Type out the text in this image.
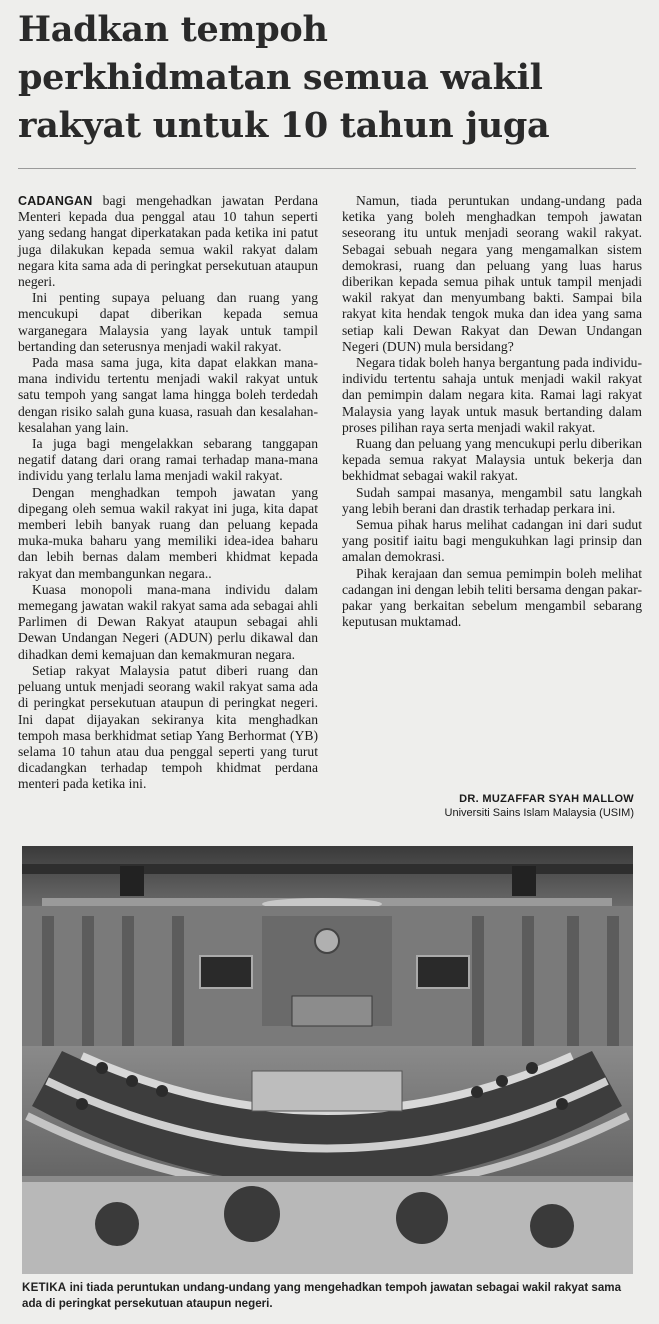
Hadkan tempoh
perkhidmatan semua wakil
rakyat untuk 10 tahun juga

CADANGAN bagi mengehadkan jawatan Perdana Menteri kepada dua penggal atau 10 tahun seperti yang sedang hangat diperkatakan pada ketika ini patut juga dilakukan kepada semua wakil rakyat dalam negara kita sama ada di peringkat persekutuan ataupun negeri.

Ini penting supaya peluang dan ruang yang mencukupi dapat diberikan kepada semua warganegara Malaysia yang layak untuk tampil bertanding dan seterusnya menjadi wakil rakyat.

Pada masa sama juga, kita dapat elakkan mana-mana individu tertentu menjadi wakil rakyat untuk satu tempoh yang sangat lama hingga boleh terdedah dengan risiko salah guna kuasa, rasuah dan kesalahan-kesalahan yang lain.

Ia juga bagi mengelakkan sebarang tanggapan negatif datang dari orang ramai terhadap mana-mana individu yang terlalu lama menjadi wakil rakyat.

Dengan menghadkan tempoh jawatan yang dipegang oleh semua wakil rakyat ini juga, kita dapat memberi lebih banyak ruang dan peluang kepada muka-muka baharu yang memiliki idea-idea baharu dan lebih bernas dalam memberi khidmat kepada rakyat dan membangunkan negara..

Kuasa monopoli mana-mana individu dalam memegang jawatan wakil rakyat sama ada sebagai ahli Parlimen di Dewan Rakyat ataupun sebagai ahli Dewan Undangan Negeri (ADUN) perlu dikawal dan dihadkan demi kemajuan dan kemakmuran negara.

Setiap rakyat Malaysia patut diberi ruang dan peluang untuk menjadi seorang wakil rakyat sama ada di peringkat persekutuan ataupun di peringkat negeri. Ini dapat dijayakan sekiranya kita menghadkan tempoh masa berkhidmat setiap Yang Berhormat (YB) selama 10 tahun atau dua penggal seperti yang turut dicadangkan terhadap tempoh khidmat perdana menteri pada ketika ini.

Namun, tiada peruntukan undang-undang pada ketika yang boleh menghadkan tempoh jawatan seseorang itu untuk menjadi seorang wakil rakyat. Sebagai sebuah negara yang mengamalkan sistem demokrasi, ruang dan peluang yang luas harus diberikan kepada semua pihak untuk tampil menjadi wakil rakyat dan menyumbang bakti. Sampai bila rakyat kita hendak tengok muka dan idea yang sama setiap kali Dewan Rakyat dan Dewan Undangan Negeri (DUN) mula bersidang?

Negara tidak boleh hanya bergantung pada individu-individu tertentu sahaja untuk menjadi wakil rakyat dan pemimpin dalam negara kita. Ramai lagi rakyat Malaysia yang layak untuk masuk bertanding dalam proses pilihan raya serta menjadi wakil rakyat.

Ruang dan peluang yang mencukupi perlu diberikan kepada semua rakyat Malaysia untuk bekerja dan bekhidmat sebagai wakil rakyat.

Sudah sampai masanya, mengambil satu langkah yang lebih berani dan drastik terhadap perkara ini.

Semua pihak harus melihat cadangan ini dari sudut yang positif iaitu bagi mengukuhkan lagi prinsip dan amalan demokrasi.

Pihak kerajaan dan semua pemimpin boleh melihat cadangan ini dengan lebih teliti bersama dengan pakar-pakar yang berkaitan sebelum mengambil sebarang keputusan muktamad.

DR. MUZAFFAR SYAH MALLOW
Universiti Sains Islam Malaysia (USIM)
KETIKA ini tiada peruntukan undang-undang yang mengehadkan tempoh jawatan sebagai wakil rakyat sama ada di peringkat persekutuan ataupun negeri.
